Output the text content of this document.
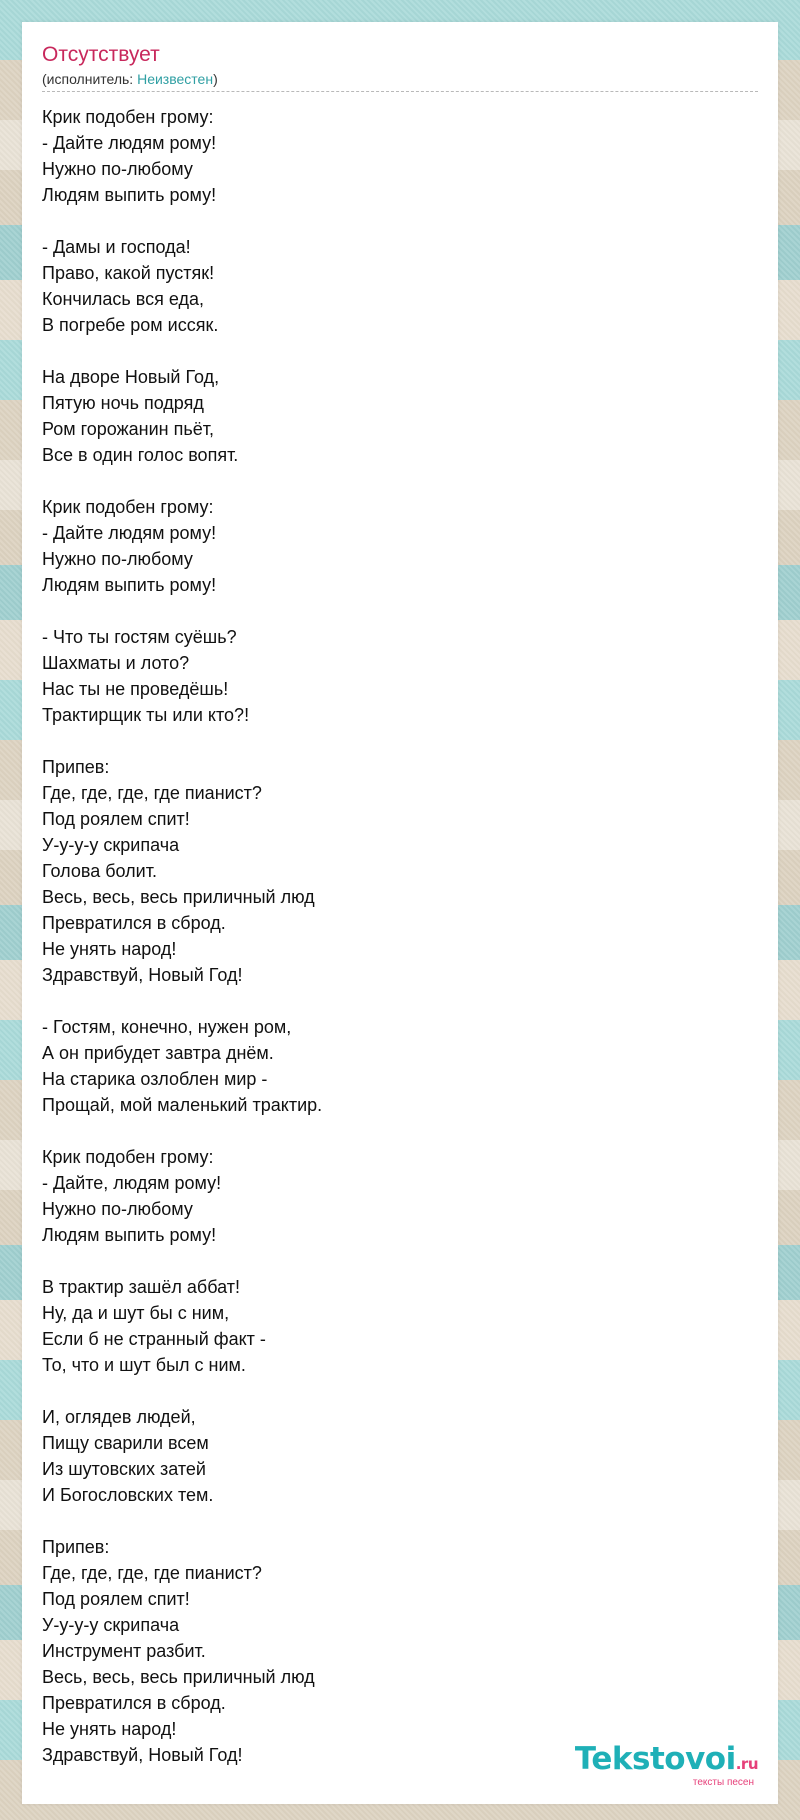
Отсутствует
(исполнитель: Неизвестен)
Крик подобен грому:
- Дайте людям рому!
Нужно по-любому
Людям выпить рому!
- Дамы и господа!
Право, какой пустяк!
Кончилась вся еда,
В погребе ром иссяк.
На дворе Новый Год,
Пятую ночь подряд
Ром горожанин пьёт,
Все в один голос вопят.
Крик подобен грому:
- Дайте людям рому!
Нужно по-любому
Людям выпить рому!
- Что ты гостям суёшь?
Шахматы и лото?
Нас ты не проведёшь!
Трактирщик ты или кто?!
Припев:
Где, где, где, где пианист?
Под роялем спит!
У-у-у-у скрипача
Голова болит.
Весь, весь, весь приличный люд
Превратился в сброд.
Не унять народ!
Здравствуй, Новый Год!
- Гостям, конечно, нужен ром,
А он прибудет завтра днём.
На старика озлоблен мир -
Прощай, мой маленький трактир.
Крик подобен грому:
- Дайте, людям рому!
Нужно по-любому
Людям выпить рому!
В трактир зашёл аббат!
Ну, да и шут бы с ним,
Если б не странный факт -
То, что и шут был с ним.
И, оглядев людей,
Пищу сварили всем
Из шутовских затей
И Богословских тем.
Припев:
Где, где, где, где пианист?
Под роялем спит!
У-у-у-у скрипача
Инструмент разбит.
Весь, весь, весь приличный люд
Превратился в сброд.
Не унять народ!
Здравствуй, Новый Год!	Tekstovoi.ru
тексты песен
